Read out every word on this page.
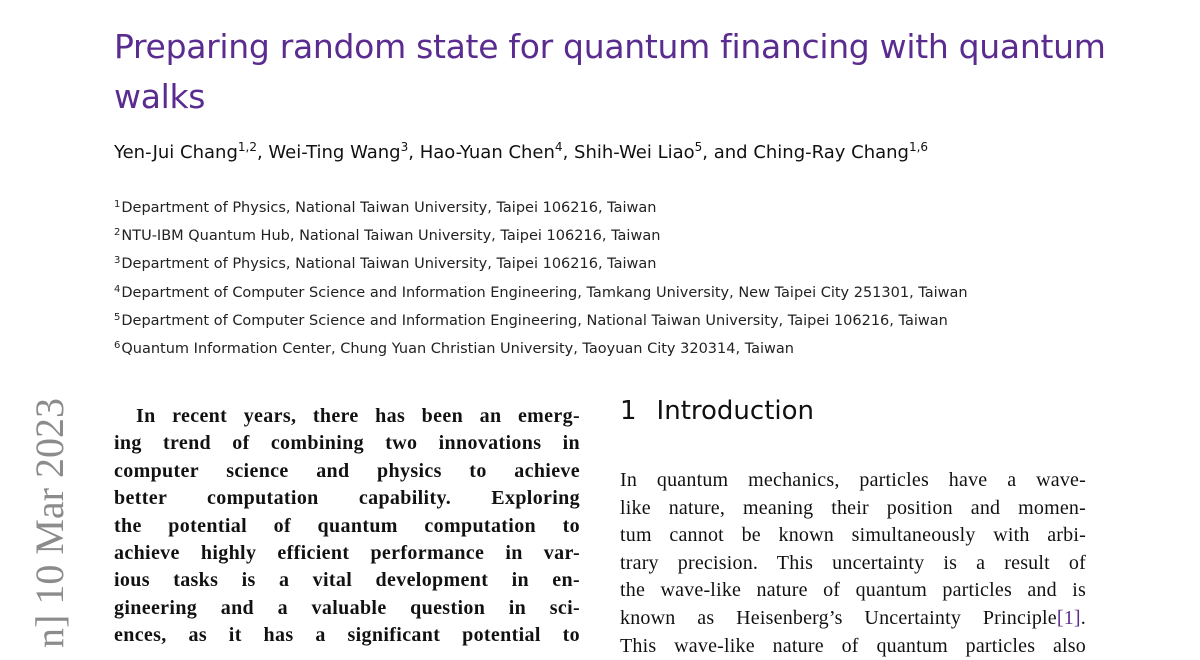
n] 10 Mar 2023
Preparing random state for quantum financing with quantum walks
Yen-Jui Chang$^{1,2}$, Wei-Ting Wang$^3$, Hao-Yuan Chen$^4$, Shih-Wei Liao$^5$, and Ching-Ray Chang$^{1,6}$
1 Department of Physics, National Taiwan University, Taipei 106216, Taiwan
2 NTU-IBM Quantum Hub, National Taiwan University, Taipei 106216, Taiwan
3 Department of Physics, National Taiwan University, Taipei 106216, Taiwan
4 Department of Computer Science and Information Engineering, Tamkang University, New Taipei City 251301, Taiwan
5 Department of Computer Science and Information Engineering, National Taiwan University, Taipei 106216, Taiwan
6 Quantum Information Center, Chung Yuan Christian University, Taoyuan City 320314, Taiwan
In recent years, there has been an emerg-
ing trend of combining two innovations in
computer science and physics to achieve
better computation capability. Exploring
the potential of quantum computation to
achieve highly efficient performance in var-
ious tasks is a vital development in en-
gineering and a valuable question in sci-
ences, as it has a significant potential to
1 Introduction
In quantum mechanics, particles have a wave-
like nature, meaning their position and momen-
tum cannot be known simultaneously with arbi-
trary precision. This uncertainty is a result of
the wave-like nature of quantum particles and is
known as Heisenberg’s Uncertainty Principle[1].
This wave-like nature of quantum particles also
